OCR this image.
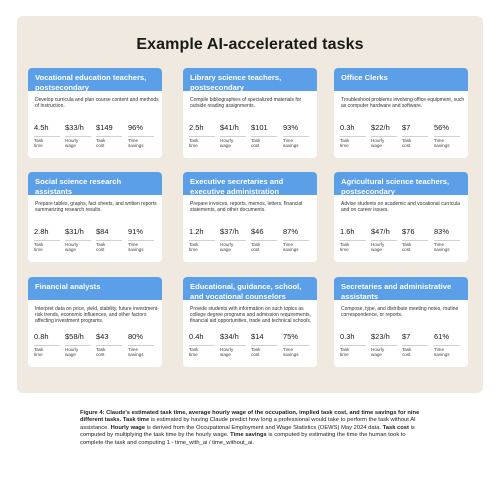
Example AI-accelerated tasks
Vocational education teachers, postsecondary
Develop curricula and plan course content and methods of instruction.
4.5h
Task
time
$33/h
Hourly
wage
$149
Task
cost
96%
Time
savings
Library science teachers, postsecondary
Compile bibliographies of specialized materials for outside reading assignments.
2.5h
Task
time
$41/h
Hourly
wage
$101
Task
cost
93%
Time
savings
Office Clerks
Troubleshoot problems involving office equipment, such as computer hardware and software.
0.3h
Task
time
$22/h
Hourly
wage
$7
Task
cost
56%
Time
savings
Social science research assistants
Prepare tables, graphs, fact sheets, and written reports summarizing research results.
2.8h
Task
time
$31/h
Hourly
wage
$84
Task
cost
91%
Time
savings
Executive secretaries and executive administration
Prepare invoices, reports, memos, letters, financial statements, and other documents.
1.2h
Task
time
$37/h
Hourly
wage
$46
Task
cost
87%
Time
savings
Agricultural science teachers, postsecondary
Advise students on academic and vocational curricula and on career issues.
1.6h
Task
time
$47/h
Hourly
wage
$76
Task
cost
83%
Time
savings
Financial analysts
Interpret data on price, yield, stability, future investment-risk trends, economic influences, and other factors affecting investment programs.
0.8h
Task
time
$58/h
Hourly
wage
$43
Task
cost
80%
Time
savings
Educational, guidance, school, and vocational counselors
Provide students with information on such topics as college degree programs and admission requirements, financial aid opportunities, trade and technical schools.
0.4h
Task
time
$34/h
Hourly
wage
$14
Task
cost
75%
Time
savings
Secretaries and administrative assistants
Compose, type, and distribute meeting notes, routine correspondence, or reports.
0.3h
Task
time
$23/h
Hourly
wage
$7
Task
cost
61%
Time
savings
Figure 4: Claude's estimated task time, average hourly wage of the occupation, implied task cost, and time savings for nine different tasks. Task time is estimated by having Claude predict how long a professional would take to perform the task without AI assistance. Hourly wage is derived from the Occupational Employment and Wage Statistics (OEWS) May 2024 data. Task cost is computed by multiplying the task time by the hourly wage. Time savings is computed by estimating the time the human took to complete the task and computing 1 - time_with_ai / time_without_ai.
